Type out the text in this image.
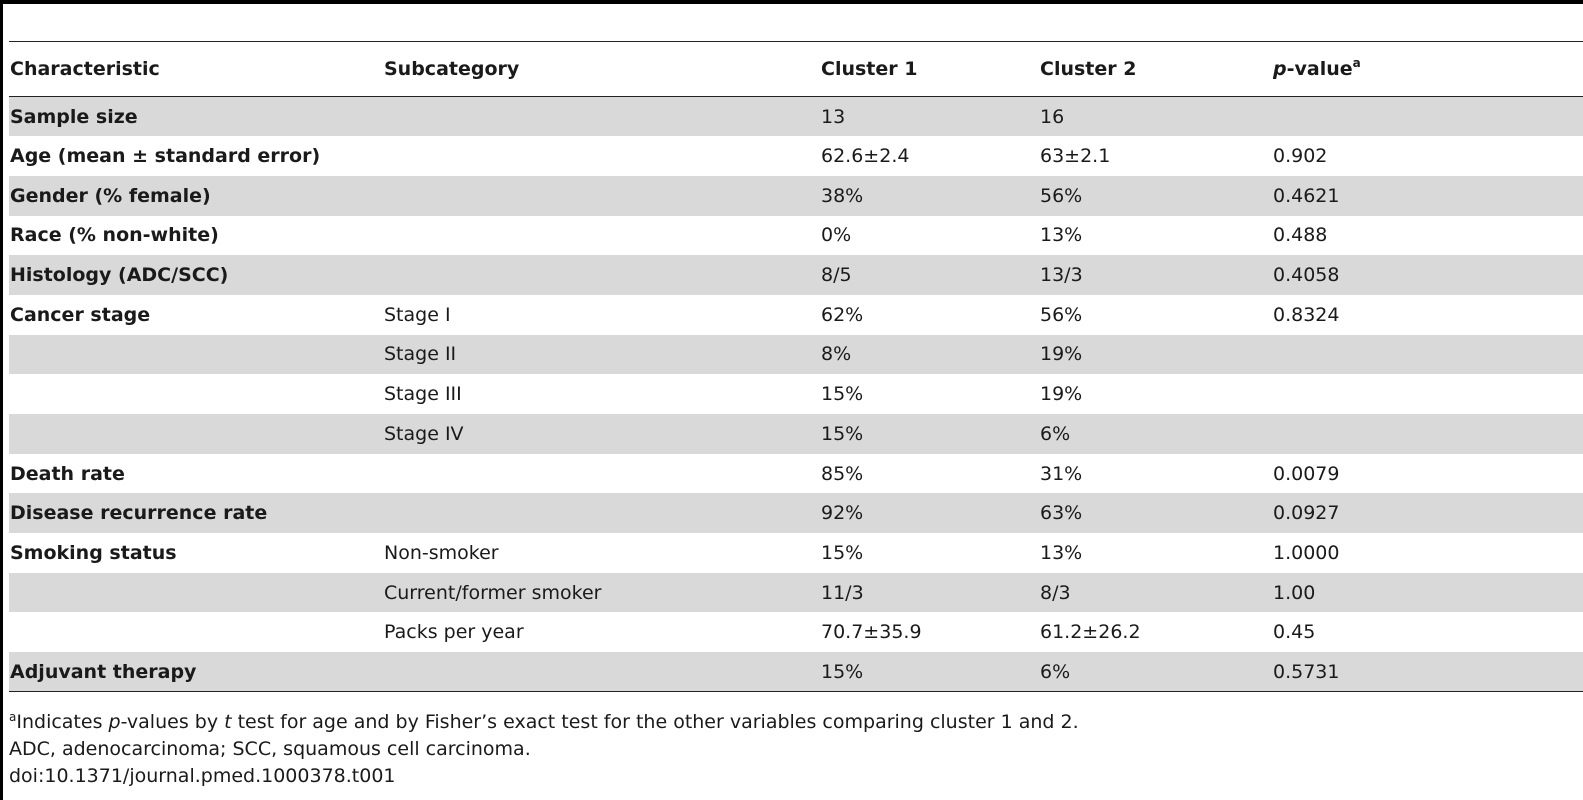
Characteristic	Subcategory	Cluster 1	Cluster 2	p-value$^a$
Sample size		13	16	
Age (mean ± standard error)		62.6±2.4	63±2.1	0.902
Gender (% female)		38%	56%	0.4621
Race (% non-white)		0%	13%	0.488
Histology (ADC/SCC)		8/5	13/3	0.4058
Cancer stage	Stage I	62%	56%	0.8324
	Stage II	8%	19%	
	Stage III	15%	19%	
	Stage IV	15%	6%	
Death rate		85%	31%	0.0079
Disease recurrence rate		92%	63%	0.0927
Smoking status	Non-smoker	15%	13%	1.0000
	Current/former smoker	11/3	8/3	1.00
	Packs per year	70.7±35.9	61.2±26.2	0.45
Adjuvant therapy		15%	6%	0.5731
$^a$Indicates p-values by t test for age and by Fisher’s exact test for the other variables comparing cluster 1 and 2.
ADC, adenocarcinoma; SCC, squamous cell carcinoma.
doi:10.1371/journal.pmed.1000378.t001
